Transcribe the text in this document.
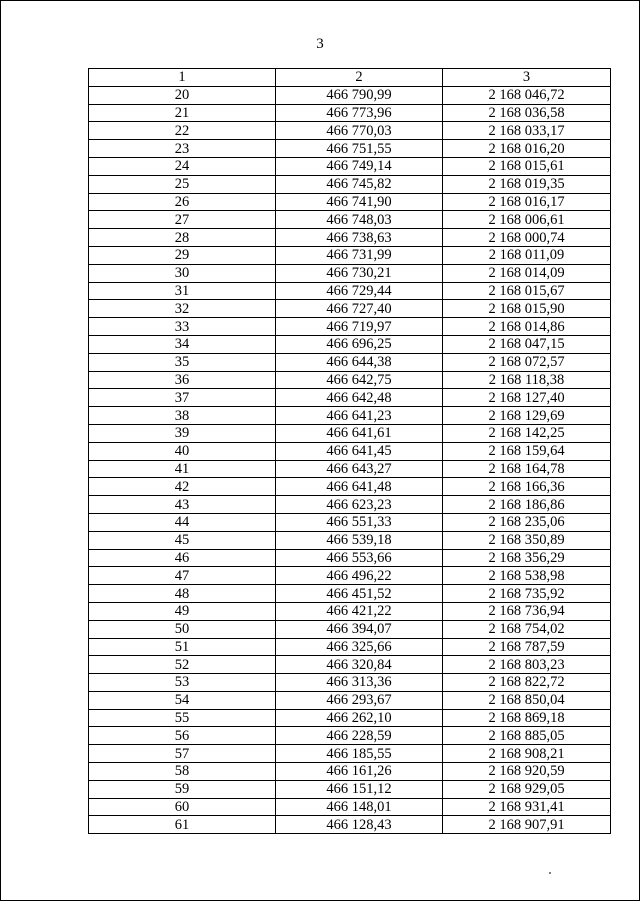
3
1	2	3
20	466 790,99	2 168 046,72
21	466 773,96	2 168 036,58
22	466 770,03	2 168 033,17
23	466 751,55	2 168 016,20
24	466 749,14	2 168 015,61
25	466 745,82	2 168 019,35
26	466 741,90	2 168 016,17
27	466 748,03	2 168 006,61
28	466 738,63	2 168 000,74
29	466 731,99	2 168 011,09
30	466 730,21	2 168 014,09
31	466 729,44	2 168 015,67
32	466 727,40	2 168 015,90
33	466 719,97	2 168 014,86
34	466 696,25	2 168 047,15
35	466 644,38	2 168 072,57
36	466 642,75	2 168 118,38
37	466 642,48	2 168 127,40
38	466 641,23	2 168 129,69
39	466 641,61	2 168 142,25
40	466 641,45	2 168 159,64
41	466 643,27	2 168 164,78
42	466 641,48	2 168 166,36
43	466 623,23	2 168 186,86
44	466 551,33	2 168 235,06
45	466 539,18	2 168 350,89
46	466 553,66	2 168 356,29
47	466 496,22	2 168 538,98
48	466 451,52	2 168 735,92
49	466 421,22	2 168 736,94
50	466 394,07	2 168 754,02
51	466 325,66	2 168 787,59
52	466 320,84	2 168 803,23
53	466 313,36	2 168 822,72
54	466 293,67	2 168 850,04
55	466 262,10	2 168 869,18
56	466 228,59	2 168 885,05
57	466 185,55	2 168 908,21
58	466 161,26	2 168 920,59
59	466 151,12	2 168 929,05
60	466 148,01	2 168 931,41
61	466 128,43	2 168 907,91
